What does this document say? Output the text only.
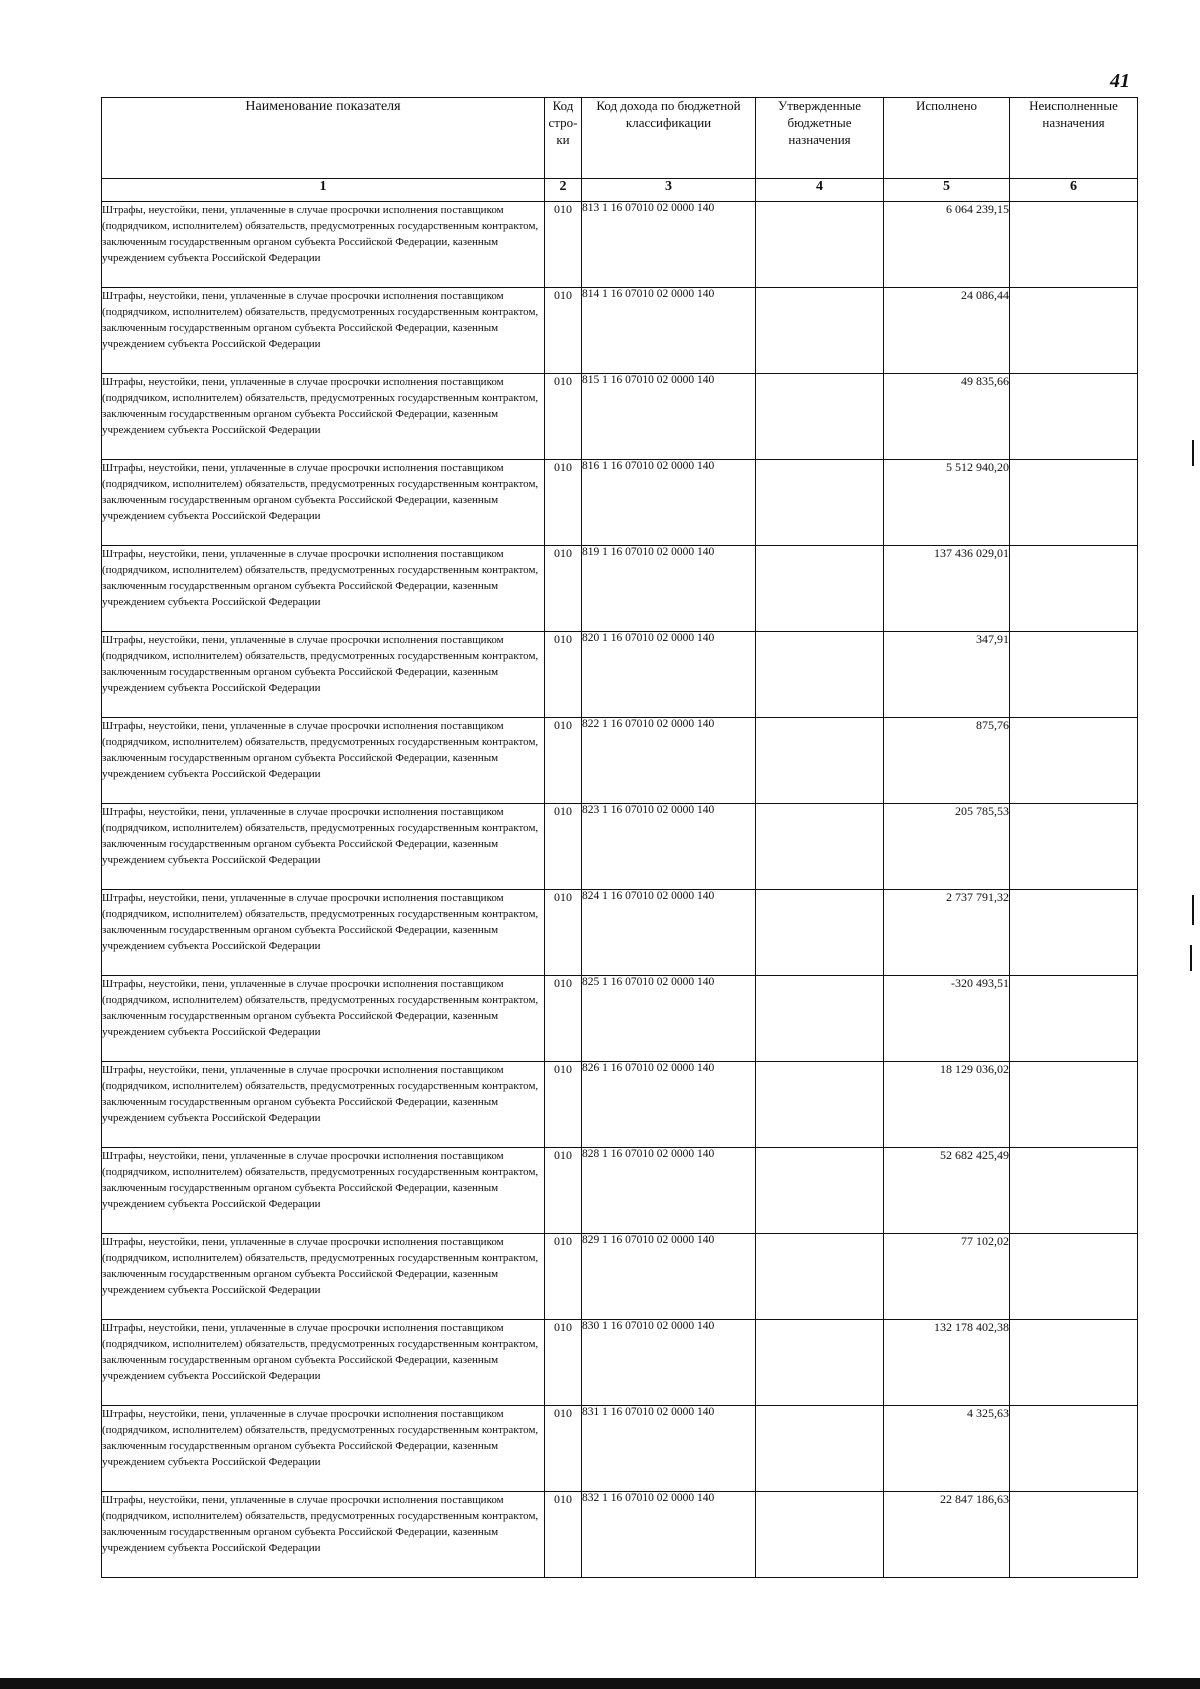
41
Наименование показателя	Код стро-ки	Код дохода по бюджетной классификации	Утвержденные бюджетные назначения	Исполнено	Неисполненные назначения
1	2	3	4	5	6
Штрафы, неустойки, пени, уплаченные в случае просрочки исполнения поставщиком (подрядчиком, исполнителем) обязательств, предусмотренных государственным контрактом, заключенным государственным органом субъекта Российской Федерации, казенным учреждением субъекта Российской Федерации	010	813 1 16 07010 02 0000 140		6 064 239,15	
Штрафы, неустойки, пени, уплаченные в случае просрочки исполнения поставщиком (подрядчиком, исполнителем) обязательств, предусмотренных государственным контрактом, заключенным государственным органом субъекта Российской Федерации, казенным учреждением субъекта Российской Федерации	010	814 1 16 07010 02 0000 140		24 086,44	
Штрафы, неустойки, пени, уплаченные в случае просрочки исполнения поставщиком (подрядчиком, исполнителем) обязательств, предусмотренных государственным контрактом, заключенным государственным органом субъекта Российской Федерации, казенным учреждением субъекта Российской Федерации	010	815 1 16 07010 02 0000 140		49 835,66	
Штрафы, неустойки, пени, уплаченные в случае просрочки исполнения поставщиком (подрядчиком, исполнителем) обязательств, предусмотренных государственным контрактом, заключенным государственным органом субъекта Российской Федерации, казенным учреждением субъекта Российской Федерации	010	816 1 16 07010 02 0000 140		5 512 940,20	
Штрафы, неустойки, пени, уплаченные в случае просрочки исполнения поставщиком (подрядчиком, исполнителем) обязательств, предусмотренных государственным контрактом, заключенным государственным органом субъекта Российской Федерации, казенным учреждением субъекта Российской Федерации	010	819 1 16 07010 02 0000 140		137 436 029,01	
Штрафы, неустойки, пени, уплаченные в случае просрочки исполнения поставщиком (подрядчиком, исполнителем) обязательств, предусмотренных государственным контрактом, заключенным государственным органом субъекта Российской Федерации, казенным учреждением субъекта Российской Федерации	010	820 1 16 07010 02 0000 140		347,91	
Штрафы, неустойки, пени, уплаченные в случае просрочки исполнения поставщиком (подрядчиком, исполнителем) обязательств, предусмотренных государственным контрактом, заключенным государственным органом субъекта Российской Федерации, казенным учреждением субъекта Российской Федерации	010	822 1 16 07010 02 0000 140		875,76	
Штрафы, неустойки, пени, уплаченные в случае просрочки исполнения поставщиком (подрядчиком, исполнителем) обязательств, предусмотренных государственным контрактом, заключенным государственным органом субъекта Российской Федерации, казенным учреждением субъекта Российской Федерации	010	823 1 16 07010 02 0000 140		205 785,53	
Штрафы, неустойки, пени, уплаченные в случае просрочки исполнения поставщиком (подрядчиком, исполнителем) обязательств, предусмотренных государственным контрактом, заключенным государственным органом субъекта Российской Федерации, казенным учреждением субъекта Российской Федерации	010	824 1 16 07010 02 0000 140		2 737 791,32	
Штрафы, неустойки, пени, уплаченные в случае просрочки исполнения поставщиком (подрядчиком, исполнителем) обязательств, предусмотренных государственным контрактом, заключенным государственным органом субъекта Российской Федерации, казенным учреждением субъекта Российской Федерации	010	825 1 16 07010 02 0000 140		-320 493,51	
Штрафы, неустойки, пени, уплаченные в случае просрочки исполнения поставщиком (подрядчиком, исполнителем) обязательств, предусмотренных государственным контрактом, заключенным государственным органом субъекта Российской Федерации, казенным учреждением субъекта Российской Федерации	010	826 1 16 07010 02 0000 140		18 129 036,02	
Штрафы, неустойки, пени, уплаченные в случае просрочки исполнения поставщиком (подрядчиком, исполнителем) обязательств, предусмотренных государственным контрактом, заключенным государственным органом субъекта Российской Федерации, казенным учреждением субъекта Российской Федерации	010	828 1 16 07010 02 0000 140		52 682 425,49	
Штрафы, неустойки, пени, уплаченные в случае просрочки исполнения поставщиком (подрядчиком, исполнителем) обязательств, предусмотренных государственным контрактом, заключенным государственным органом субъекта Российской Федерации, казенным учреждением субъекта Российской Федерации	010	829 1 16 07010 02 0000 140		77 102,02	
Штрафы, неустойки, пени, уплаченные в случае просрочки исполнения поставщиком (подрядчиком, исполнителем) обязательств, предусмотренных государственным контрактом, заключенным государственным органом субъекта Российской Федерации, казенным учреждением субъекта Российской Федерации	010	830 1 16 07010 02 0000 140		132 178 402,38	
Штрафы, неустойки, пени, уплаченные в случае просрочки исполнения поставщиком (подрядчиком, исполнителем) обязательств, предусмотренных государственным контрактом, заключенным государственным органом субъекта Российской Федерации, казенным учреждением субъекта Российской Федерации	010	831 1 16 07010 02 0000 140		4 325,63	
Штрафы, неустойки, пени, уплаченные в случае просрочки исполнения поставщиком (подрядчиком, исполнителем) обязательств, предусмотренных государственным контрактом, заключенным государственным органом субъекта Российской Федерации, казенным учреждением субъекта Российской Федерации	010	832 1 16 07010 02 0000 140		22 847 186,63	
